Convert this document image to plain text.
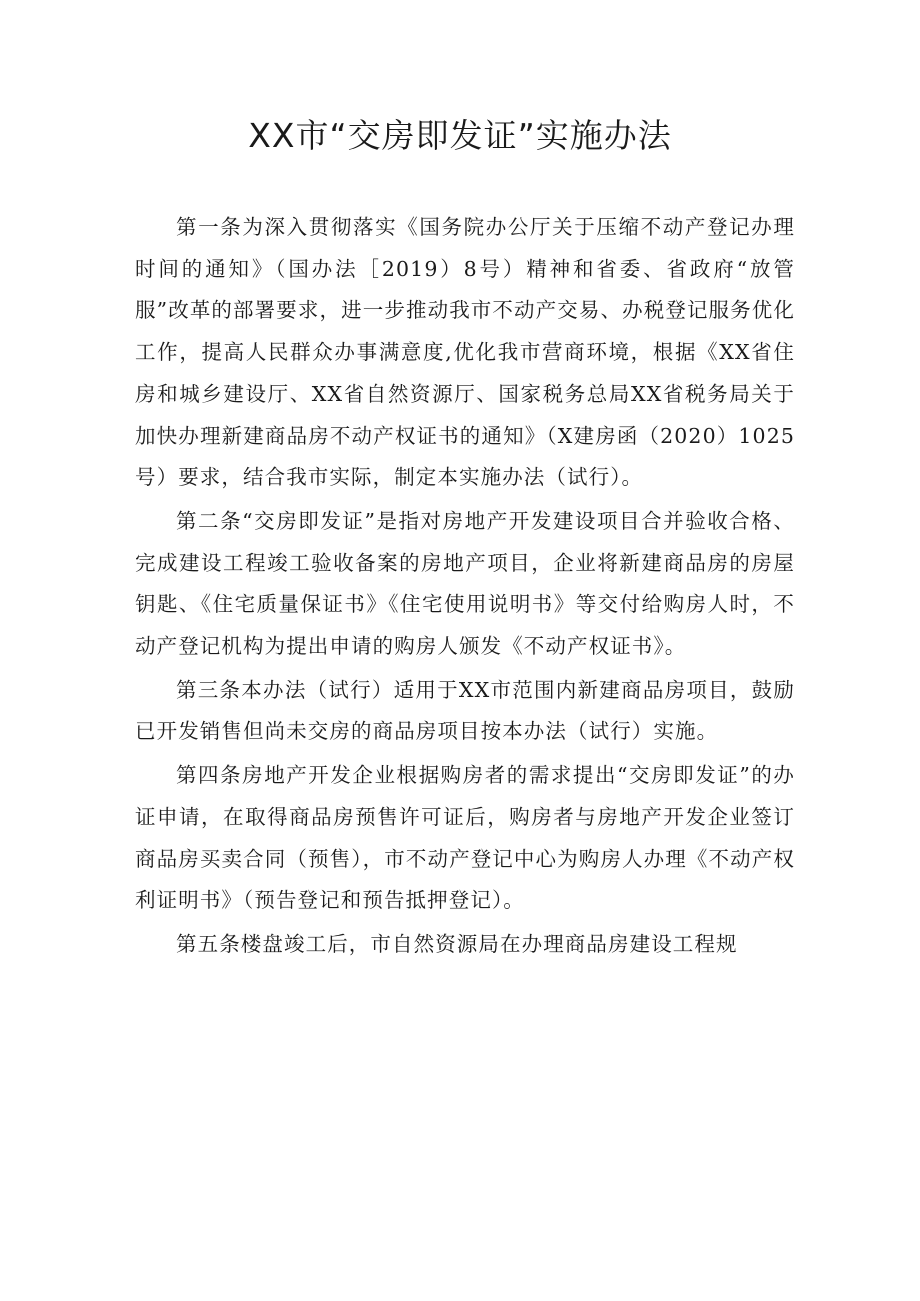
XX市“交房即发证”实施办法

第一条为深入贯彻落实《国务院办公厅关于压缩不动产登记办理时间的通知》（国办法［2019）8号）精神和省委、省政府“放管服”改革的部署要求，进一步推动我市不动产交易、办税登记服务优化工作，提高人民群众办事满意度,优化我市营商环境，根据《XX省住房和城乡建设厅、XX省自然资源厅、国家税务总局XX省税务局关于加快办理新建商品房不动产权证书的通知》（X建房函（2020）1025号）要求，结合我市实际，制定本实施办法（试行）。

第二条“交房即发证”是指对房地产开发建设项目合并验收合格、完成建设工程竣工验收备案的房地产项目，企业将新建商品房的房屋钥匙、《住宅质量保证书》《住宅使用说明书》等交付给购房人时，不动产登记机构为提出申请的购房人颁发《不动产权证书》。

第三条本办法（试行）适用于XX市范围内新建商品房项目，鼓励已开发销售但尚未交房的商品房项目按本办法（试行）实施。

第四条房地产开发企业根据购房者的需求提出“交房即发证”的办证申请，在取得商品房预售许可证后，购房者与房地产开发企业签订商品房买卖合同（预售），市不动产登记中心为购房人办理《不动产权利证明书》（预告登记和预告抵押登记）。

第五条楼盘竣工后，市自然资源局在办理商品房建设工程规
